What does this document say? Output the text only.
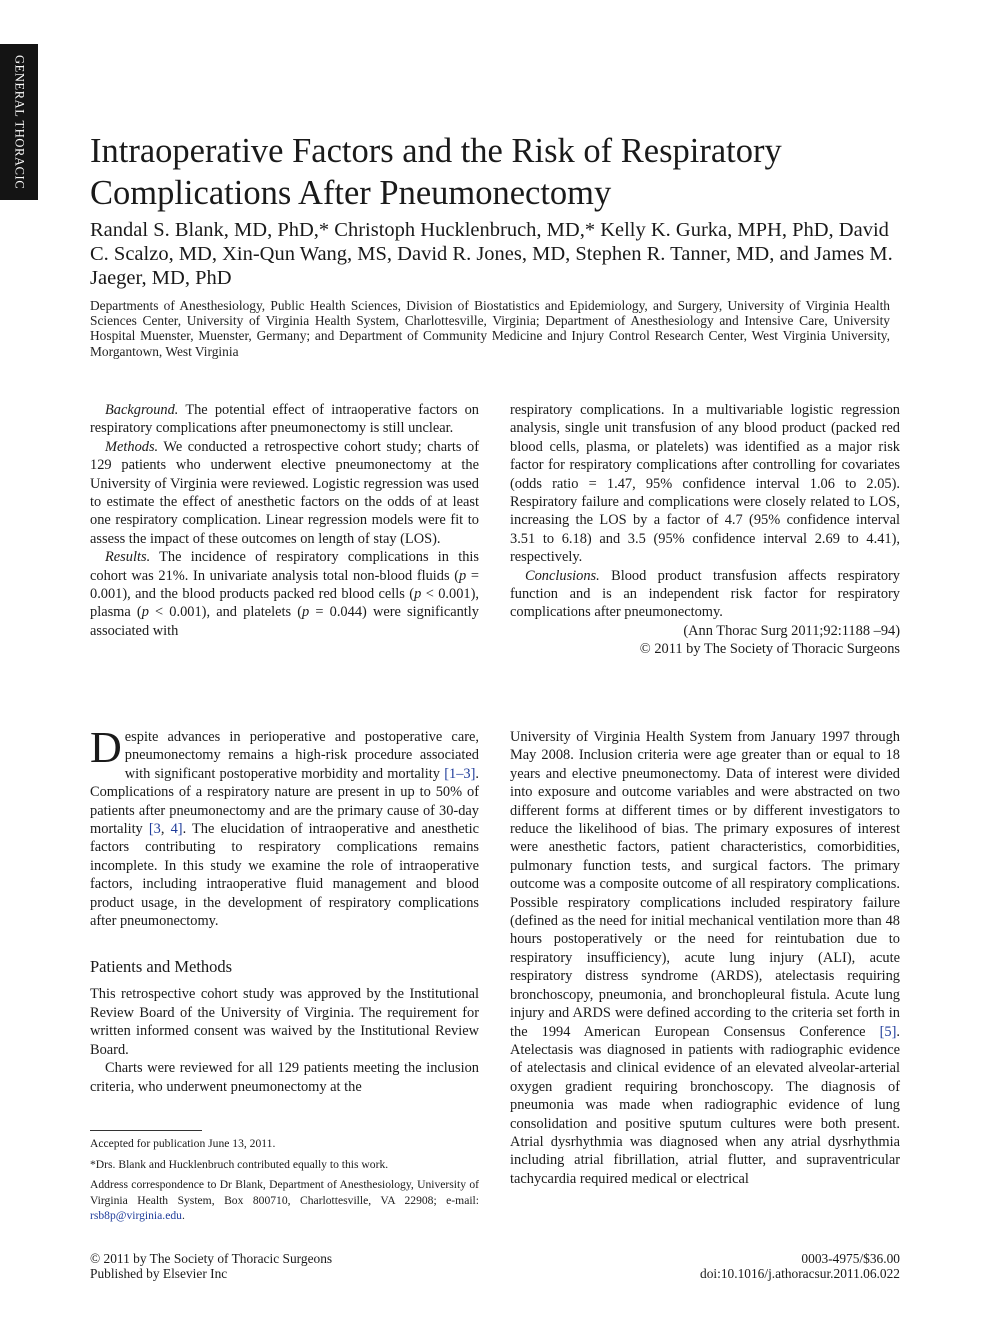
GENERAL THORACIC Intraoperative Factors and the Risk of Respiratory Complications After Pneumonectomy

Randal S. Blank, MD, PhD,* Christoph Hucklenbruch, MD,* Kelly K. Gurka, MPH, PhD, David C. Scalzo, MD, Xin-Qun Wang, MS, David R. Jones, MD, Stephen R. Tanner, MD, and James M. Jaeger, MD, PhD

Departments of Anesthesiology, Public Health Sciences, Division of Biostatistics and Epidemiology, and Surgery, University of Virginia Health Sciences Center, University of Virginia Health System, Charlottesville, Virginia; Department of Anesthesiology and Intensive Care, University Hospital Muenster, Muenster, Germany; and Department of Community Medicine and Injury Control Research Center, West Virginia University, Morgantown, West Virginia

Background. The potential effect of intraoperative factors on respiratory complications after pneumonectomy is still unclear.

Methods. We conducted a retrospective cohort study; charts of 129 patients who underwent elective pneumonectomy at the University of Virginia were reviewed. Logistic regression was used to estimate the effect of anesthetic factors on the odds of at least one respiratory complication. Linear regression models were fit to assess the impact of these outcomes on length of stay (LOS).

Results. The incidence of respiratory complications in this cohort was 21%. In univariate analysis total non-blood fluids (p = 0.001), and the blood products packed red blood cells (p < 0.001), plasma (p < 0.001), and platelets (p = 0.044) were significantly associated with

respiratory complications. In a multivariable logistic regression analysis, single unit transfusion of any blood product (packed red blood cells, plasma, or platelets) was identified as a major risk factor for respiratory complications after controlling for covariates (odds ratio = 1.47, 95% confidence interval 1.06 to 2.05). Respiratory failure and complications were closely related to LOS, increasing the LOS by a factor of 4.7 (95% confidence interval 3.51 to 6.18) and 3.5 (95% confidence interval 2.69 to 4.41), respectively.

Conclusions. Blood product transfusion affects respiratory function and is an independent risk factor for respiratory complications after pneumonectomy.

(Ann Thorac Surg 2011;92:1188 –94)

© 2011 by The Society of Thoracic Surgeons

Despite advances in perioperative and postoperative care, pneumonectomy remains a high-risk procedure associated with significant postoperative morbidity and mortality [1–3]. Complications of a respiratory nature are present in up to 50% of patients after pneumonectomy and are the primary cause of 30-day mortality [3, 4]. The elucidation of intraoperative and anesthetic factors contributing to respiratory complications remains incomplete. In this study we examine the role of intraoperative factors, including intraoperative fluid management and blood product usage, in the development of respiratory complications after pneumonectomy.

Patients and Methods

This retrospective cohort study was approved by the Institutional Review Board of the University of Virginia. The requirement for written informed consent was waived by the Institutional Review Board.

Charts were reviewed for all 129 patients meeting the inclusion criteria, who underwent pneumonectomy at the

University of Virginia Health System from January 1997 through May 2008. Inclusion criteria were age greater than or equal to 18 years and elective pneumonectomy. Data of interest were divided into exposure and outcome variables and were abstracted on two different forms at different times or by different investigators to reduce the likelihood of bias. The primary exposures of interest were anesthetic factors, patient characteristics, comorbidities, pulmonary function tests, and surgical factors. The primary outcome was a composite outcome of all respiratory complications. Possible respiratory complications included respiratory failure (defined as the need for initial mechanical ventilation more than 48 hours postoperatively or the need for reintubation due to respiratory insufficiency), acute lung injury (ALI), acute respiratory distress syndrome (ARDS), atelectasis requiring bronchoscopy, pneumonia, and bronchopleural fistula. Acute lung injury and ARDS were defined according to the criteria set forth in the 1994 American European Consensus Conference [5]. Atelectasis was diagnosed in patients with radiographic evidence of atelectasis and clinical evidence of an elevated alveolar-arterial oxygen gradient requiring bronchoscopy. The diagnosis of pneumonia was made when radiographic evidence of lung consolidation and positive sputum cultures were both present. Atrial dysrhythmia was diagnosed when any atrial dysrhythmia including atrial fibrillation, atrial flutter, and supraventricular tachycardia required medical or electrical

Accepted for publication June 13, 2011.

*Drs. Blank and Hucklenbruch contributed equally to this work.

Address correspondence to Dr Blank, Department of Anesthesiology, University of Virginia Health System, Box 800710, Charlottesville, VA 22908; e-mail: rsb8p@virginia.edu.

© 2011 by The Society of Thoracic Surgeons
Published by Elsevier Inc
0003-4975/$36.00
doi:10.1016/j.athoracsur.2011.06.022
